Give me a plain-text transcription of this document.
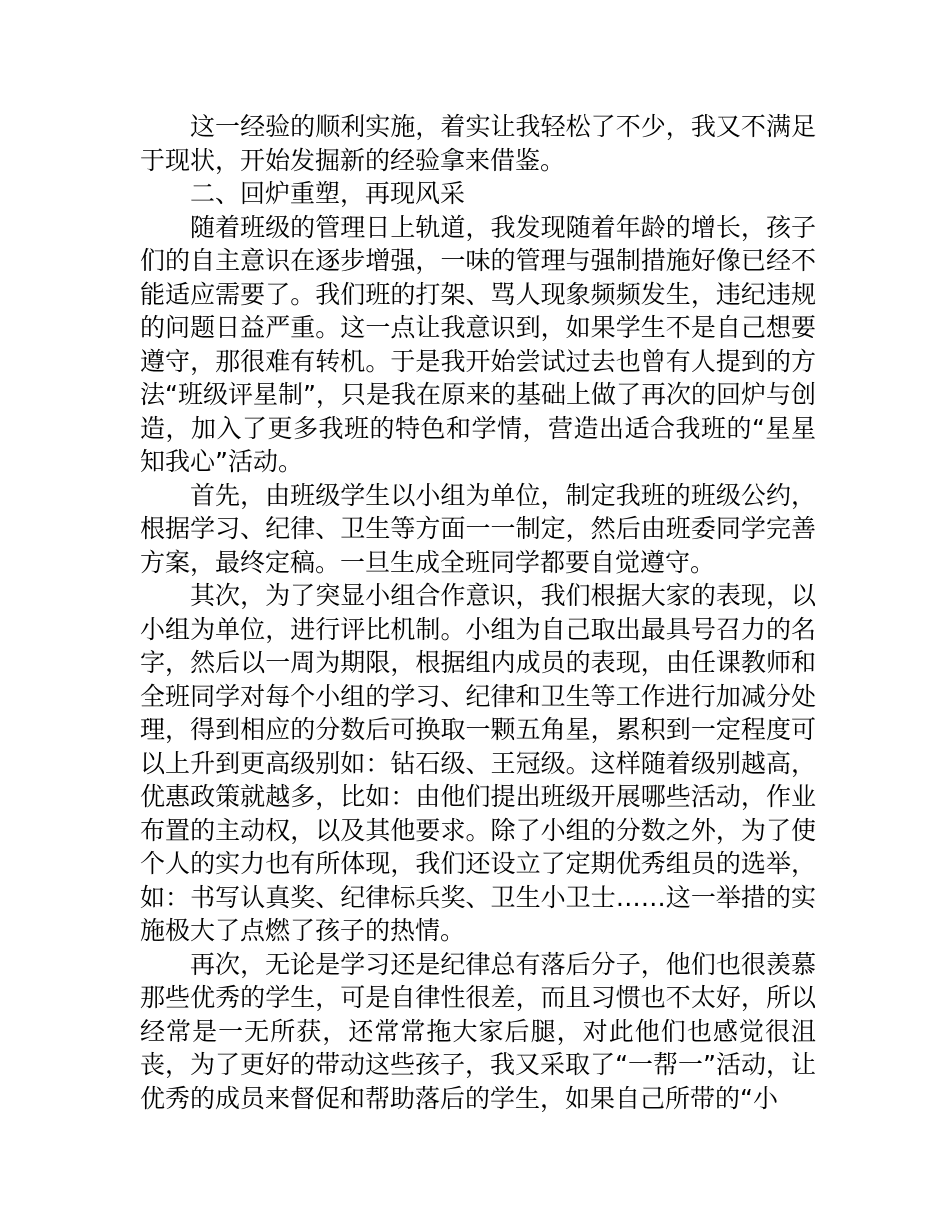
这一经验的顺利实施，着实让我轻松了不少，我又不满足于现状，开始发掘新的经验拿来借鉴。

二、回炉重塑，再现风采

随着班级的管理日上轨道，我发现随着年龄的增长，孩子们的自主意识在逐步增强，一味的管理与强制措施好像已经不能适应需要了。我们班的打架、骂人现象频频发生，违纪违规的问题日益严重。这一点让我意识到，如果学生不是自己想要遵守，那很难有转机。于是我开始尝试过去也曾有人提到的方法“班级评星制”，只是我在原来的基础上做了再次的回炉与创造，加入了更多我班的特色和学情，营造出适合我班的“星星知我心”活动。

首先，由班级学生以小组为单位，制定我班的班级公约，根据学习、纪律、卫生等方面一一制定，然后由班委同学完善方案，最终定稿。一旦生成全班同学都要自觉遵守。

其次，为了突显小组合作意识，我们根据大家的表现，以小组为单位，进行评比机制。小组为自己取出最具号召力的名字，然后以一周为期限，根据组内成员的表现，由任课教师和全班同学对每个小组的学习、纪律和卫生等工作进行加减分处理，得到相应的分数后可换取一颗五角星，累积到一定程度可以上升到更高级别如：钻石级、王冠级。这样随着级别越高，优惠政策就越多，比如：由他们提出班级开展哪些活动，作业布置的主动权，以及其他要求。除了小组的分数之外，为了使个人的实力也有所体现，我们还设立了定期优秀组员的选举，如：书写认真奖、纪律标兵奖、卫生小卫士……这一举措的实施极大了点燃了孩子的热情。

再次，无论是学习还是纪律总有落后分子，他们也很羡慕那些优秀的学生，可是自律性很差，而且习惯也不太好，所以经常是一无所获，还常常拖大家后腿，对此他们也感觉很沮丧，为了更好的带动这些孩子，我又采取了“一帮一”活动，让优秀的成员来督促和帮助落后的学生，如果自己所带的“小
